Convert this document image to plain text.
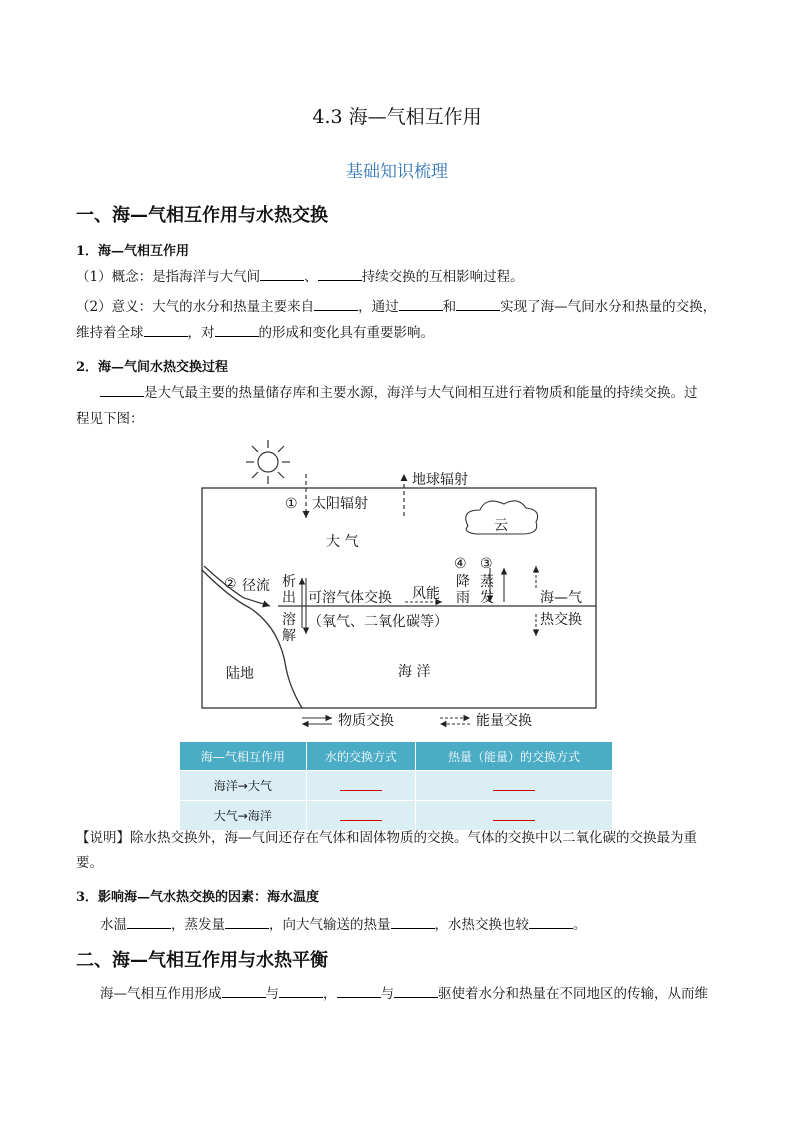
4.3 海—气相互作用
基础知识梳理
一、海—气相互作用与水热交换
1．海—气相互作用
（1）概念：是指海洋与大气间	、	持续交换的互相影响过程。
（2）意义：大气的水分和热量主要来自	，通过	和	实现了海—气间水分和热量的交换，
维持着全球	，对	的形成和变化具有重要影响。
2．海—气间水热交换过程
是大气最主要的热量储存库和主要水源，海洋与大气间相互进行着物质和能量的持续交换。过
程见下图：
① 太阳辐射
地球辐射
大 气
云
② 径流
④ ③
可溶气体交换 风能	海—气
热交换
（氧气、二氧化碳等）
陆地	海 洋
物质交换	能量交换
析出
溶解
降雨
蒸发
海—气相互作用	水的交换方式	热量（能量）的交换方式
海洋→大气		
大气→海洋		
【说明】除水热交换外，海—气间还存在气体和固体物质的交换。气体的交换中以二氧化碳的交换最为重
要。
3．影响海—气水热交换的因素：海水温度
水温	，蒸发量	，向大气输送的热量	，水热交换也较	。
二、海—气相互作用与水热平衡
海—气相互作用形成	与	，	与	驱使着水分和热量在不同地区的传输，从而维
